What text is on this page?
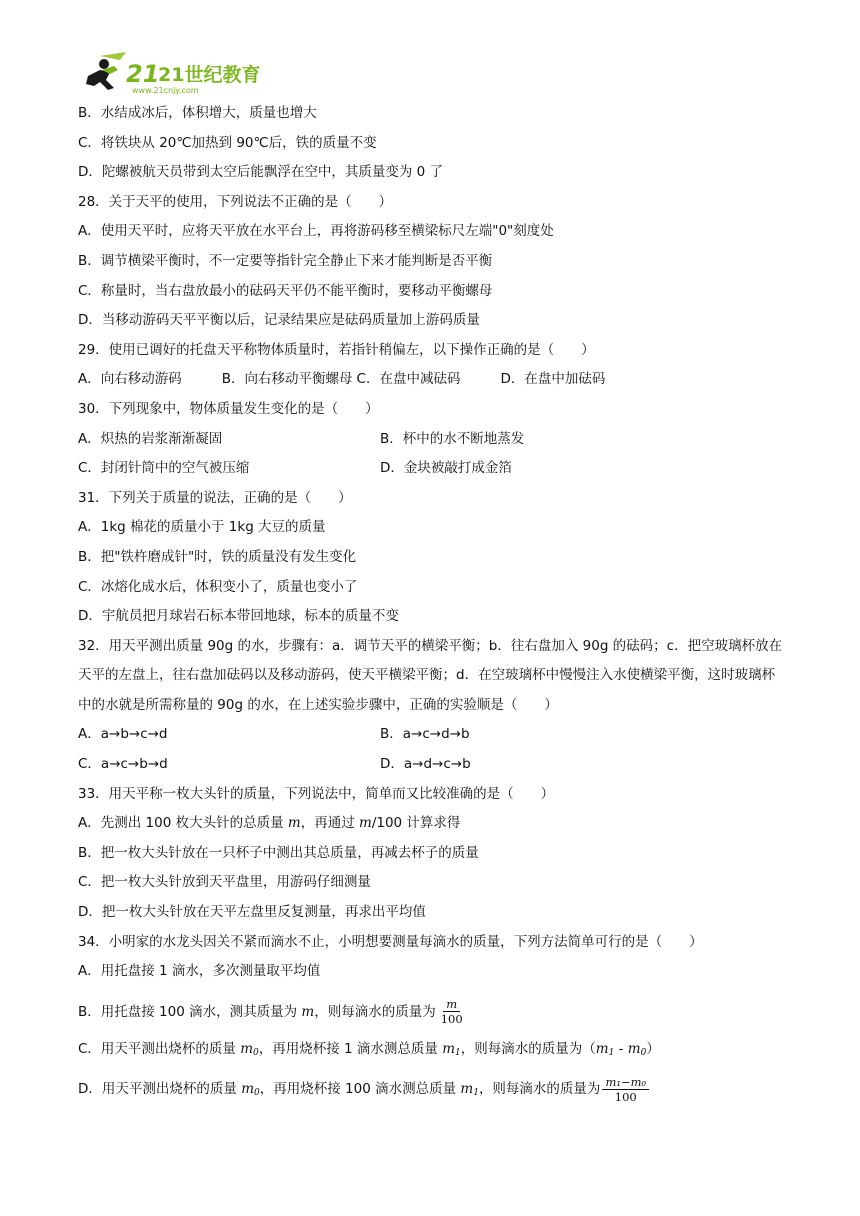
21
21世纪教育
www.21cnjy.com
B．水结成冰后，体积增大，质量也增大
C．将铁块从 20℃加热到 90℃后，铁的质量不变
D．陀螺被航天员带到太空后能飘浮在空中，其质量变为 0 了
28．关于天平的使用，下列说法不正确的是（　　）
A．使用天平时，应将天平放在水平台上，再将游码移至横梁标尺左端"0"刻度处
B．调节横梁平衡时，不一定要等指针完全静止下来才能判断是否平衡
C．称量时，当右盘放最小的砝码天平仍不能平衡时，要移动平衡螺母
D．当移动游码天平平衡以后，记录结果应是砝码质量加上游码质量
29．使用已调好的托盘天平称物体质量时，若指针稍偏左，以下操作正确的是（　　）
A．向右移动游码	B．向右移动平衡螺母 C．在盘中减砝码	D．在盘中加砝码
30．下列现象中，物体质量发生变化的是（　　）
A．炽热的岩浆渐渐凝固	B．杯中的水不断地蒸发
C．封闭针筒中的空气被压缩	D．金块被敲打成金箔
31．下列关于质量的说法，正确的是（　　）
A．1kg 棉花的质量小于 1kg 大豆的质量
B．把"铁杵磨成针"时，铁的质量没有发生变化
C．冰熔化成水后，体积变小了，质量也变小了
D．宇航员把月球岩石标本带回地球，标本的质量不变
32．用天平测出质量 90g 的水，步骤有：a．调节天平的横梁平衡；b．往右盘加入 90g 的砝码；c．把空玻璃杯放在天平的左盘上，往右盘加砝码以及移动游码，使天平横梁平衡；d．在空玻璃杯中慢慢注入水使横梁平衡，这时玻璃杯中的水就是所需称量的 90g 的水，在上述实验步骤中，正确的实验顺是（　　）
A．a→b→c→d	B．a→c→d→b
C．a→c→b→d	D．a→d→c→b
33．用天平称一枚大头针的质量，下列说法中，简单而又比较准确的是（　　）
A．先测出 100 枚大头针的总质量 m，再通过 m/100 计算求得
B．把一枚大头针放在一只杯子中测出其总质量，再减去杯子的质量
C．把一枚大头针放到天平盘里，用游码仔细测量
D．把一枚大头针放在天平左盘里反复测量，再求出平均值
34．小明家的水龙头因关不紧而滴水不止，小明想要测量每滴水的质量，下列方法简单可行的是（　　）
A．用托盘接 1 滴水，多次测量取平均值
B．用托盘接 100 滴水，测其质量为 m，则每滴水的质量为 $\frac{m}{100}$
C．用天平测出烧杯的质量 $m_0$，再用烧杯接 1 滴水测总质量 $m_1$，则每滴水的质量为$(m_1 - m_0)$
D．用天平测出烧杯的质量 $m_0$，再用烧杯接 100 滴水测总质量 $m_1$，则每滴水的质量为 $\frac{\text{m₁−m₀}}{100}$
